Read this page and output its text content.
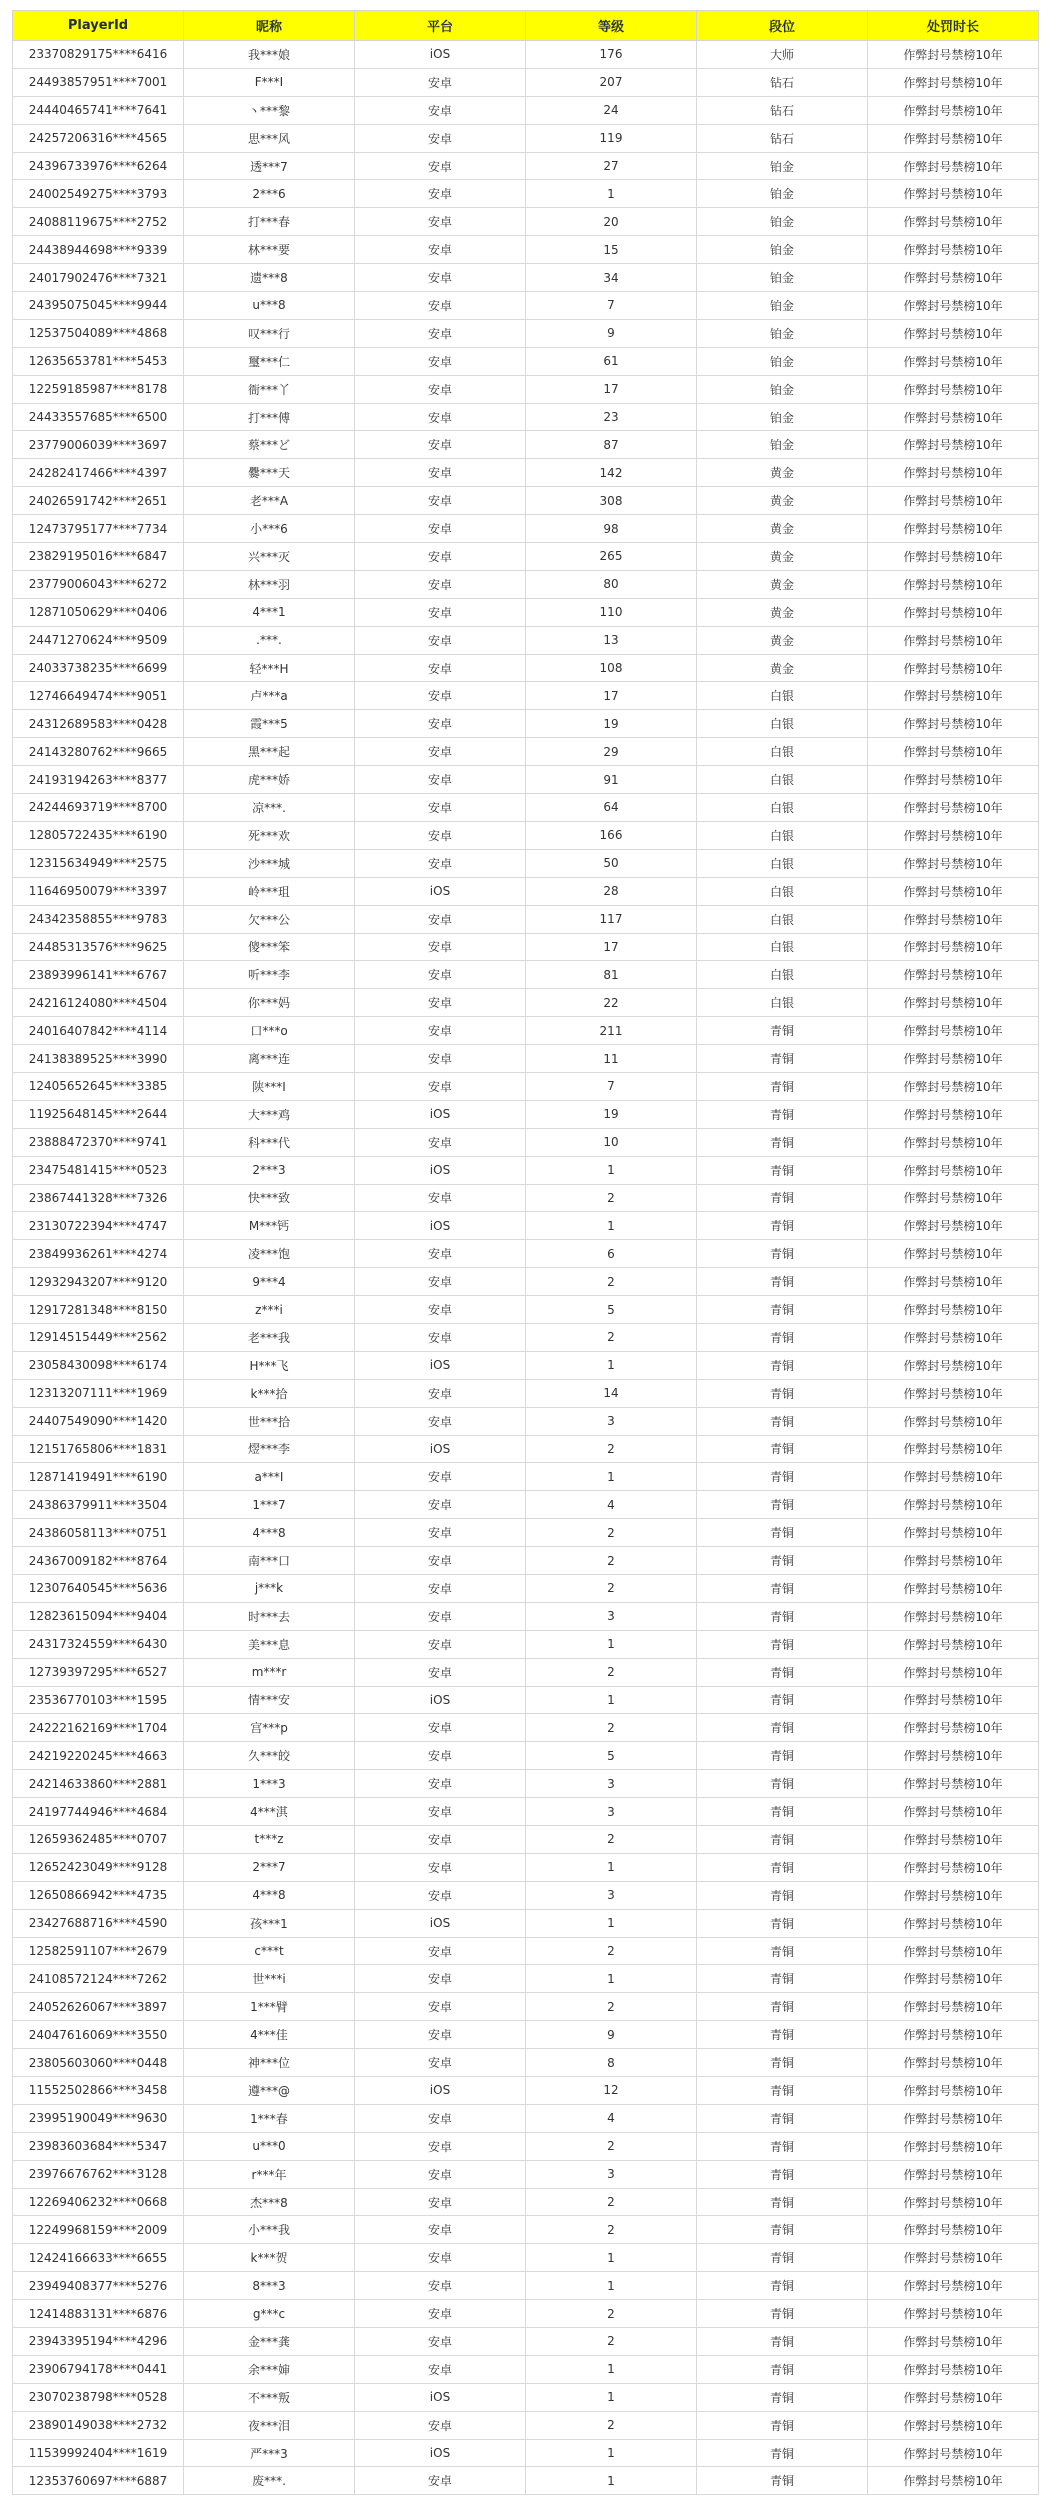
PlayerId	昵称	平台	等级	段位	处罚时长
23370829175****6416	我***娘	iOS	176	大师	作弊封号禁榜10年
24493857951****7001	F***I	安卓	207	钻石	作弊封号禁榜10年
24440465741****7641	丶***黎	安卓	24	钻石	作弊封号禁榜10年
24257206316****4565	思***风	安卓	119	钻石	作弊封号禁榜10年
24396733976****6264	透***7	安卓	27	铂金	作弊封号禁榜10年
24002549275****3793	2***6	安卓	1	铂金	作弊封号禁榜10年
24088119675****2752	打***春	安卓	20	铂金	作弊封号禁榜10年
24438944698****9339	林***要	安卓	15	铂金	作弊封号禁榜10年
24017902476****7321	遗***8	安卓	34	铂金	作弊封号禁榜10年
24395075045****9944	u***8	安卓	7	铂金	作弊封号禁榜10年
12537504089****4868	叹***行	安卓	9	铂金	作弊封号禁榜10年
12635653781****5453	璽***仁	安卓	61	铂金	作弊封号禁榜10年
12259185987****8178	衙***丫	安卓	17	铂金	作弊封号禁榜10年
24433557685****6500	打***傅	安卓	23	铂金	作弊封号禁榜10年
23779006039****3697	蔡***ど	安卓	87	铂金	作弊封号禁榜10年
24282417466****4397	爨***天	安卓	142	黄金	作弊封号禁榜10年
24026591742****2651	老***A	安卓	308	黄金	作弊封号禁榜10年
12473795177****7734	小***6	安卓	98	黄金	作弊封号禁榜10年
23829195016****6847	兴***灭	安卓	265	黄金	作弊封号禁榜10年
23779006043****6272	林***羽	安卓	80	黄金	作弊封号禁榜10年
12871050629****0406	4***1	安卓	110	黄金	作弊封号禁榜10年
24471270624****9509	.***.	安卓	13	黄金	作弊封号禁榜10年
24033738235****6699	轻***H	安卓	108	黄金	作弊封号禁榜10年
12746649474****9051	卢***a	安卓	17	白银	作弊封号禁榜10年
24312689583****0428	霞***5	安卓	19	白银	作弊封号禁榜10年
24143280762****9665	黑***起	安卓	29	白银	作弊封号禁榜10年
24193194263****8377	虎***娇	安卓	91	白银	作弊封号禁榜10年
24244693719****8700	凉***.	安卓	64	白银	作弊封号禁榜10年
12805722435****6190	死***欢	安卓	166	白银	作弊封号禁榜10年
12315634949****2575	沙***城	安卓	50	白银	作弊封号禁榜10年
11646950079****3397	岭***珇	iOS	28	白银	作弊封号禁榜10年
24342358855****9783	欠***公	安卓	117	白银	作弊封号禁榜10年
24485313576****9625	傻***笨	安卓	17	白银	作弊封号禁榜10年
23893996141****6767	听***李	安卓	81	白银	作弊封号禁榜10年
24216124080****4504	你***妈	安卓	22	白银	作弊封号禁榜10年
24016407842****4114	口***o	安卓	211	青铜	作弊封号禁榜10年
24138389525****3990	离***连	安卓	11	青铜	作弊封号禁榜10年
12405652645****3385	陕***I	安卓	7	青铜	作弊封号禁榜10年
11925648145****2644	大***鸡	iOS	19	青铜	作弊封号禁榜10年
23888472370****9741	科***代	安卓	10	青铜	作弊封号禁榜10年
23475481415****0523	2***3	iOS	1	青铜	作弊封号禁榜10年
23867441328****7326	快***致	安卓	2	青铜	作弊封号禁榜10年
23130722394****4747	M***钙	iOS	1	青铜	作弊封号禁榜10年
23849936261****4274	凌***饱	安卓	6	青铜	作弊封号禁榜10年
12932943207****9120	9***4	安卓	2	青铜	作弊封号禁榜10年
12917281348****8150	z***i	安卓	5	青铜	作弊封号禁榜10年
12914515449****2562	老***我	安卓	2	青铜	作弊封号禁榜10年
23058430098****6174	H***飞	iOS	1	青铜	作弊封号禁榜10年
12313207111****1969	k***拾	安卓	14	青铜	作弊封号禁榜10年
24407549090****1420	世***拾	安卓	3	青铜	作弊封号禁榜10年
12151765806****1831	熤***李	iOS	2	青铜	作弊封号禁榜10年
12871419491****6190	a***I	安卓	1	青铜	作弊封号禁榜10年
24386379911****3504	1***7	安卓	4	青铜	作弊封号禁榜10年
24386058113****0751	4***8	安卓	2	青铜	作弊封号禁榜10年
24367009182****8764	南***口	安卓	2	青铜	作弊封号禁榜10年
12307640545****5636	j***k	安卓	2	青铜	作弊封号禁榜10年
12823615094****9404	时***去	安卓	3	青铜	作弊封号禁榜10年
24317324559****6430	美***息	安卓	1	青铜	作弊封号禁榜10年
12739397295****6527	m***r	安卓	2	青铜	作弊封号禁榜10年
23536770103****1595	情***安	iOS	1	青铜	作弊封号禁榜10年
24222162169****1704	宫***p	安卓	2	青铜	作弊封号禁榜10年
24219220245****4663	久***皎	安卓	5	青铜	作弊封号禁榜10年
24214633860****2881	1***3	安卓	3	青铜	作弊封号禁榜10年
24197744946****4684	4***淇	安卓	3	青铜	作弊封号禁榜10年
12659362485****0707	t***z	安卓	2	青铜	作弊封号禁榜10年
12652423049****9128	2***7	安卓	1	青铜	作弊封号禁榜10年
12650866942****4735	4***8	安卓	3	青铜	作弊封号禁榜10年
23427688716****4590	孩***1	iOS	1	青铜	作弊封号禁榜10年
12582591107****2679	c***t	安卓	2	青铜	作弊封号禁榜10年
24108572124****7262	世***i	安卓	1	青铜	作弊封号禁榜10年
24052626067****3897	1***臂	安卓	2	青铜	作弊封号禁榜10年
24047616069****3550	4***佳	安卓	9	青铜	作弊封号禁榜10年
23805603060****0448	神***位	安卓	8	青铜	作弊封号禁榜10年
11552502866****3458	遵***@	iOS	12	青铜	作弊封号禁榜10年
23995190049****9630	1***春	安卓	4	青铜	作弊封号禁榜10年
23983603684****5347	u***0	安卓	2	青铜	作弊封号禁榜10年
23976676762****3128	r***年	安卓	3	青铜	作弊封号禁榜10年
12269406232****0668	杰***8	安卓	2	青铜	作弊封号禁榜10年
12249968159****2009	小***我	安卓	2	青铜	作弊封号禁榜10年
12424166633****6655	k***贺	安卓	1	青铜	作弊封号禁榜10年
23949408377****5276	8***3	安卓	1	青铜	作弊封号禁榜10年
12414883131****6876	g***c	安卓	2	青铜	作弊封号禁榜10年
23943395194****4296	金***龚	安卓	2	青铜	作弊封号禁榜10年
23906794178****0441	余***婶	安卓	1	青铜	作弊封号禁榜10年
23070238798****0528	不***叛	iOS	1	青铜	作弊封号禁榜10年
23890149038****2732	夜***泪	安卓	2	青铜	作弊封号禁榜10年
11539992404****1619	严***3	iOS	1	青铜	作弊封号禁榜10年
12353760697****6887	废***.	安卓	1	青铜	作弊封号禁榜10年
